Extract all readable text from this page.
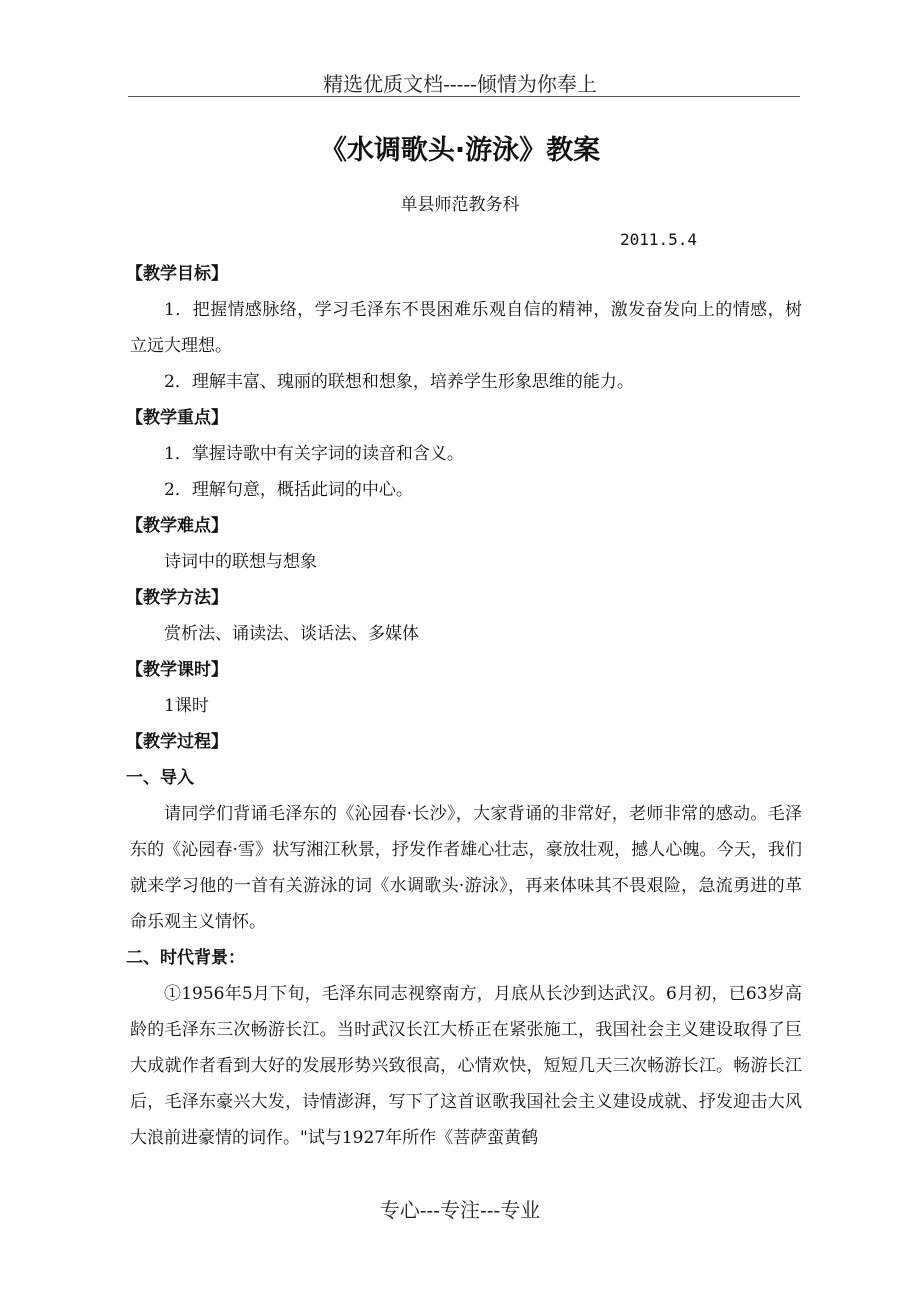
精选优质文档-----倾情为你奉上
《水调歌头·游泳》教案
单县师范教务科
2011.5.4
【教学目标】
1．把握情感脉络，学习毛泽东不畏困难乐观自信的精神，激发奋发向上的情感，树立远大理想。
2．理解丰富、瑰丽的联想和想象，培养学生形象思维的能力。
【教学重点】
1．掌握诗歌中有关字词的读音和含义。
2．理解句意，概括此词的中心。
【教学难点】
诗词中的联想与想象
【教学方法】
赏析法、诵读法、谈话法、多媒体
【教学课时】
1课时
【教学过程】
一、导入
请同学们背诵毛泽东的《沁园春·长沙》，大家背诵的非常好，老师非常的感动。毛泽东的《沁园春·雪》状写湘江秋景，抒发作者雄心壮志，豪放壮观，撼人心魄。今天，我们就来学习他的一首有关游泳的词《水调歌头·游泳》，再来体味其不畏艰险，急流勇进的革命乐观主义情怀。
二、时代背景：
①1956年5月下旬，毛泽东同志视察南方，月底从长沙到达武汉。6月初，已63岁高龄的毛泽东三次畅游长江。当时武汉长江大桥正在紧张施工，我国社会主义建设取得了巨大成就作者看到大好的发展形势兴致很高，心情欢快，短短几天三次畅游长江。畅游长江后，毛泽东豪兴大发，诗情澎湃，写下了这首讴歌我国社会主义建设成就、抒发迎击大风大浪前进豪情的词作。"试与1927年所作《菩萨蛮黄鹤
专心---专注---专业
